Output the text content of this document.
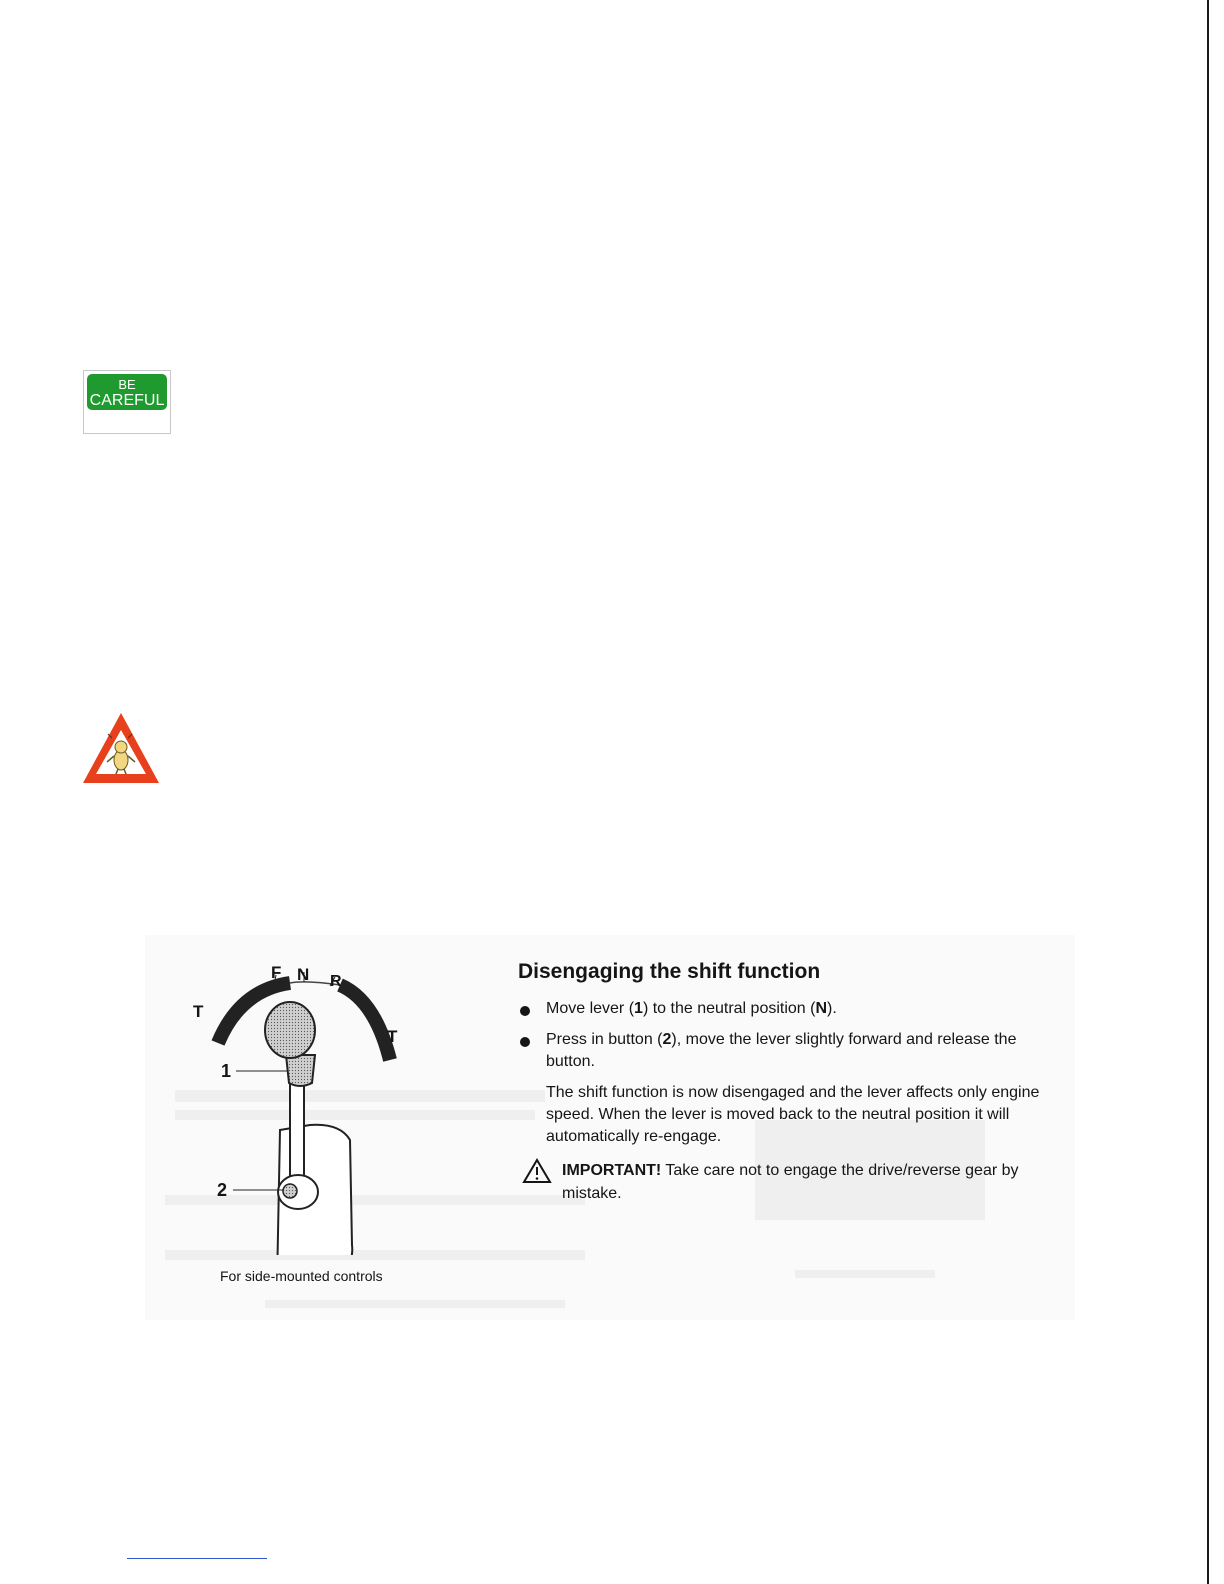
BE
CAREFUL
F N R
T
T
1
2
For side-mounted controls
Disengaging the shift function
Move lever (1) to the neutral position (N).
Press in button (2), move the lever slightly forward and release the button.
The shift function is now disengaged and the lever affects only engine speed. When the lever is moved back to the neutral position it will automatically re-engage.
IMPORTANT! Take care not to engage the drive/reverse gear by mistake.
